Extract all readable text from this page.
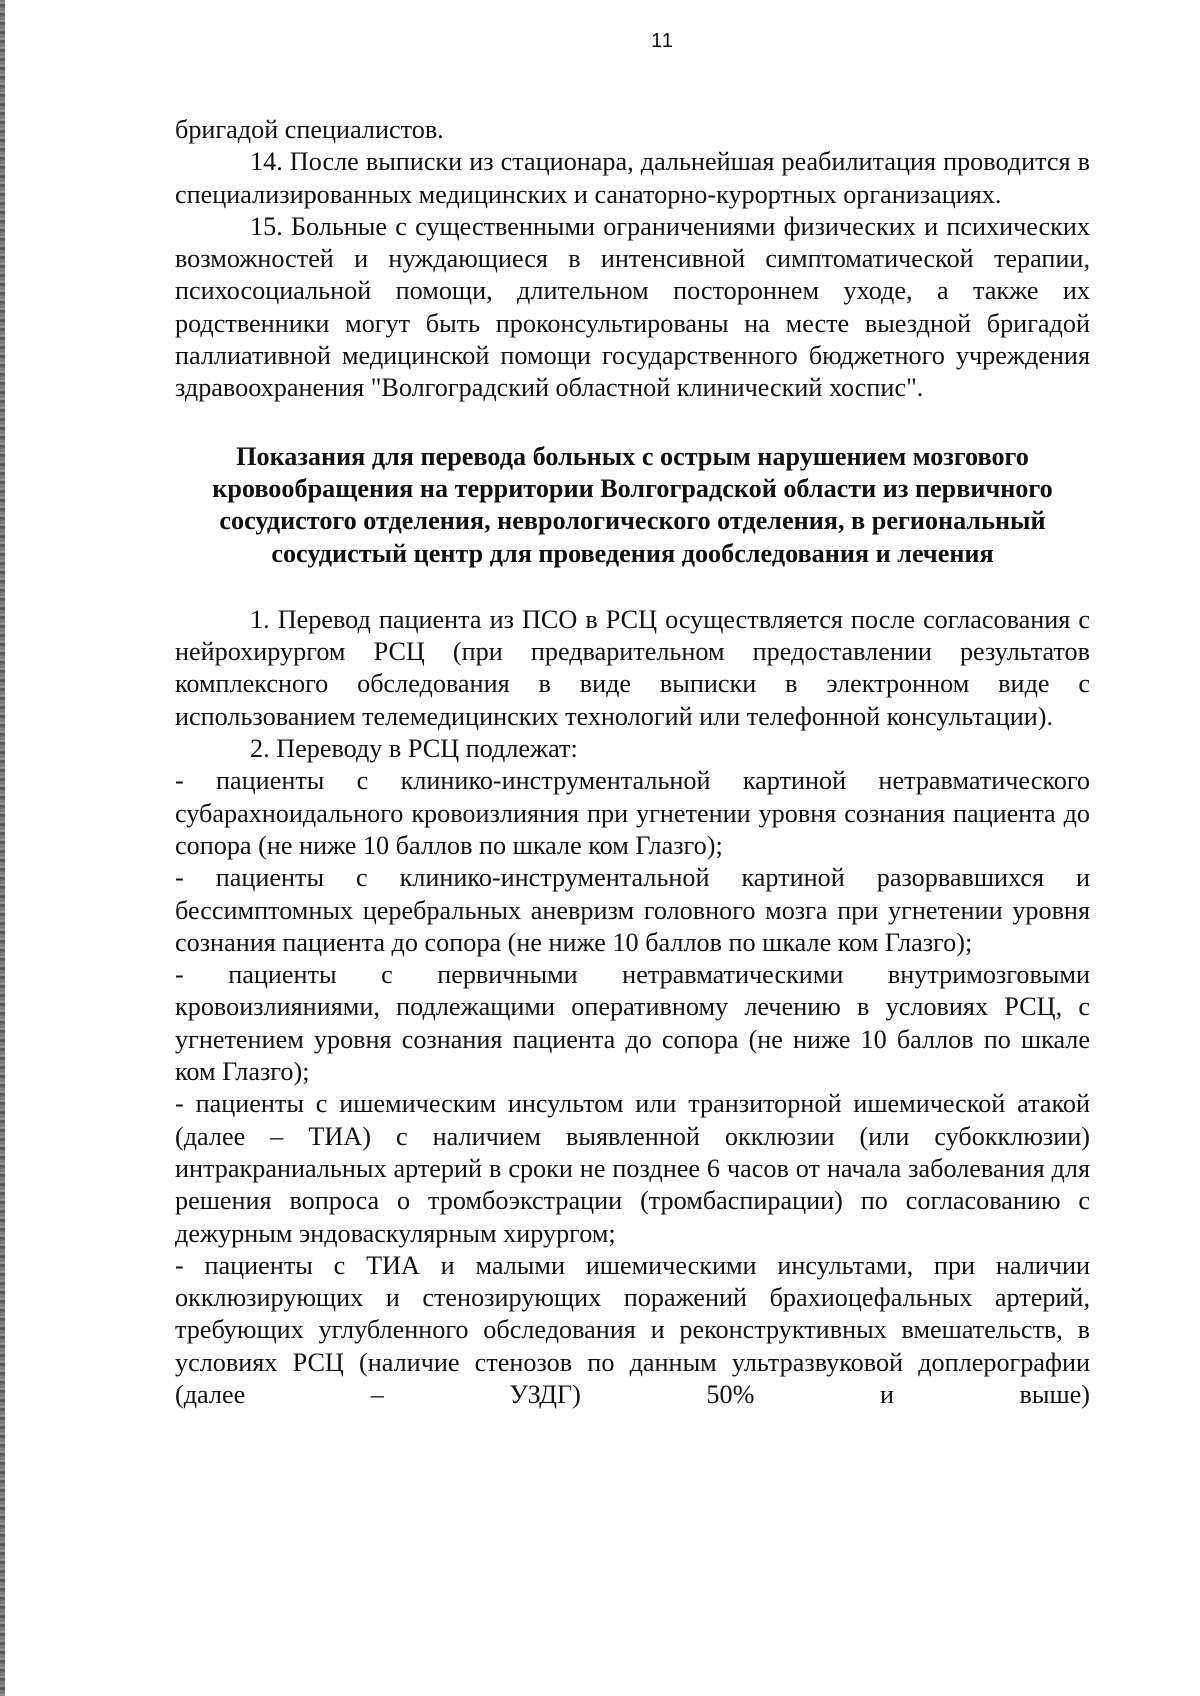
11

бригадой специалистов.

14. После выписки из стационара, дальнейшая реабилитация проводится в специализированных медицинских и санаторно-курортных организациях.

15. Больные с существенными ограничениями физических и психических возможностей и нуждающиеся в интенсивной симптоматической терапии, психосоциальной помощи, длительном постороннем уходе, а также их родственники могут быть проконсультированы на месте выездной бригадой паллиативной медицинской помощи государственного бюджетного учреждения здравоохранения "Волгоградский областной клинический хоспис".

Показания для перевода больных с острым нарушением мозгового кровообращения на территории Волгоградской области из первичного сосудистого отделения, неврологического отделения, в региональный сосудистый центр для проведения дообследования и лечения

1. Перевод пациента из ПСО в РСЦ осуществляется после согласования с нейрохирургом РСЦ (при предварительном предоставлении результатов комплексного обследования в виде выписки в электронном виде с использованием телемедицинских технологий или телефонной консультации).

2. Переводу в РСЦ подлежат:

- пациенты с клинико-инструментальной картиной нетравматического субарахноидального кровоизлияния при угнетении уровня сознания пациента до сопора (не ниже 10 баллов по шкале ком Глазго);

- пациенты с клинико-инструментальной картиной разорвавшихся и бессимптомных церебральных аневризм головного мозга при угнетении уровня сознания пациента до сопора (не ниже 10 баллов по шкале ком Глазго);

- пациенты с первичными нетравматическими внутримозговыми кровоизлияниями, подлежащими оперативному лечению в условиях РСЦ, с угнетением уровня сознания пациента до сопора (не ниже 10 баллов по шкале ком Глазго);

- пациенты с ишемическим инсультом или транзиторной ишемической атакой (далее – ТИА) с наличием выявленной окклюзии (или субокклюзии) интракраниальных артерий в сроки не позднее 6 часов от начала заболевания для решения вопроса о тромбоэкстрации (тромбаспирации) по согласованию с дежурным эндоваскулярным хирургом;

- пациенты с ТИА и малыми ишемическими инсультами, при наличии окклюзирующих и стенозирующих поражений брахиоцефальных артерий, требующих углубленного обследования и реконструктивных вмешательств, в условиях РСЦ (наличие стенозов по данным ультразвуковой доплерографии (далее – УЗДГ) 50% и выше)
